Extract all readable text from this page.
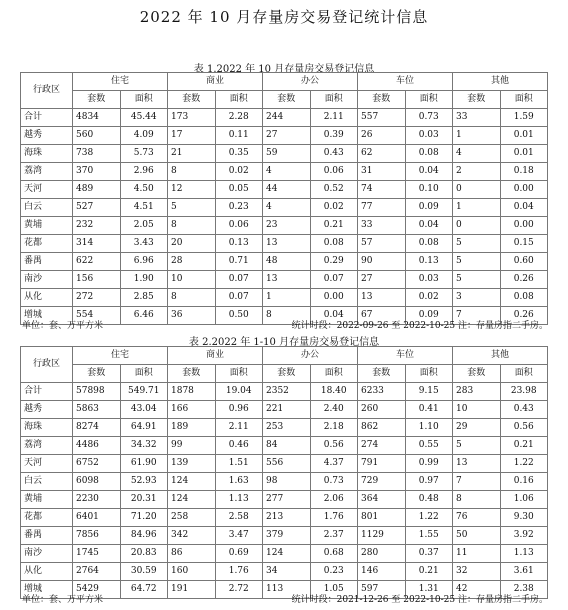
2022 年 10 月存量房交易登记统计信息
表 1.2022 年 10 月存量房交易登记信息
行政区	住宅		商业		办公		车位		其他	
	套数	面积	套数	面积	套数	面积	套数	面积	套数	面积
合计	4834	45.44	173	2.28	244	2.11	557	0.73	33	1.59
越秀	560	4.09	17	0.11	27	0.39	26	0.03	1	0.01
海珠	738	5.73	21	0.35	59	0.43	62	0.08	4	0.01
荔湾	370	2.96	8	0.02	4	0.06	31	0.04	2	0.18
天河	489	4.50	12	0.05	44	0.52	74	0.10	0	0.00
白云	527	4.51	5	0.23	4	0.02	77	0.09	1	0.04
黄埔	232	2.05	8	0.06	23	0.21	33	0.04	0	0.00
花都	314	3.43	20	0.13	13	0.08	57	0.08	5	0.15
番禺	622	6.96	28	0.71	48	0.29	90	0.13	5	0.60
南沙	156	1.90	10	0.07	13	0.07	27	0.03	5	0.26
从化	272	2.85	8	0.07	1	0.00	13	0.02	3	0.08
增城	554	6.46	36	0.50	8	0.04	67	0.09	7	0.26
单位：套、万平方米	统计时段：2022-09-26 至 2022-10-25 注：存量房指二手房。
表 2.2022 年 1-10 月存量房交易登记信息
行政区	住宅		商业		办公		车位		其他	
	套数	面积	套数	面积	套数	面积	套数	面积	套数	面积
合计	57898	549.71	1878	19.04	2352	18.40	6233	9.15	283	23.98
越秀	5863	43.04	166	0.96	221	2.40	260	0.41	10	0.43
海珠	8274	64.91	189	2.11	253	2.18	862	1.10	29	0.56
荔湾	4486	34.32	99	0.46	84	0.56	274	0.55	5	0.21
天河	6752	61.90	139	1.51	556	4.37	791	0.99	13	1.22
白云	6098	52.93	124	1.63	98	0.73	729	0.97	7	0.16
黄埔	2230	20.31	124	1.13	277	2.06	364	0.48	8	1.06
花都	6401	71.20	258	2.58	213	1.76	801	1.22	76	9.30
番禺	7856	84.96	342	3.47	379	2.37	1129	1.55	50	3.92
南沙	1745	20.83	86	0.69	124	0.68	280	0.37	11	1.13
从化	2764	30.59	160	1.76	34	0.23	146	0.21	32	3.61
增城	5429	64.72	191	2.72	113	1.05	597	1.31	42	2.38
单位：套、万平方米	统计时段：2021-12-26 至 2022-10-25 注：存量房指二手房。
